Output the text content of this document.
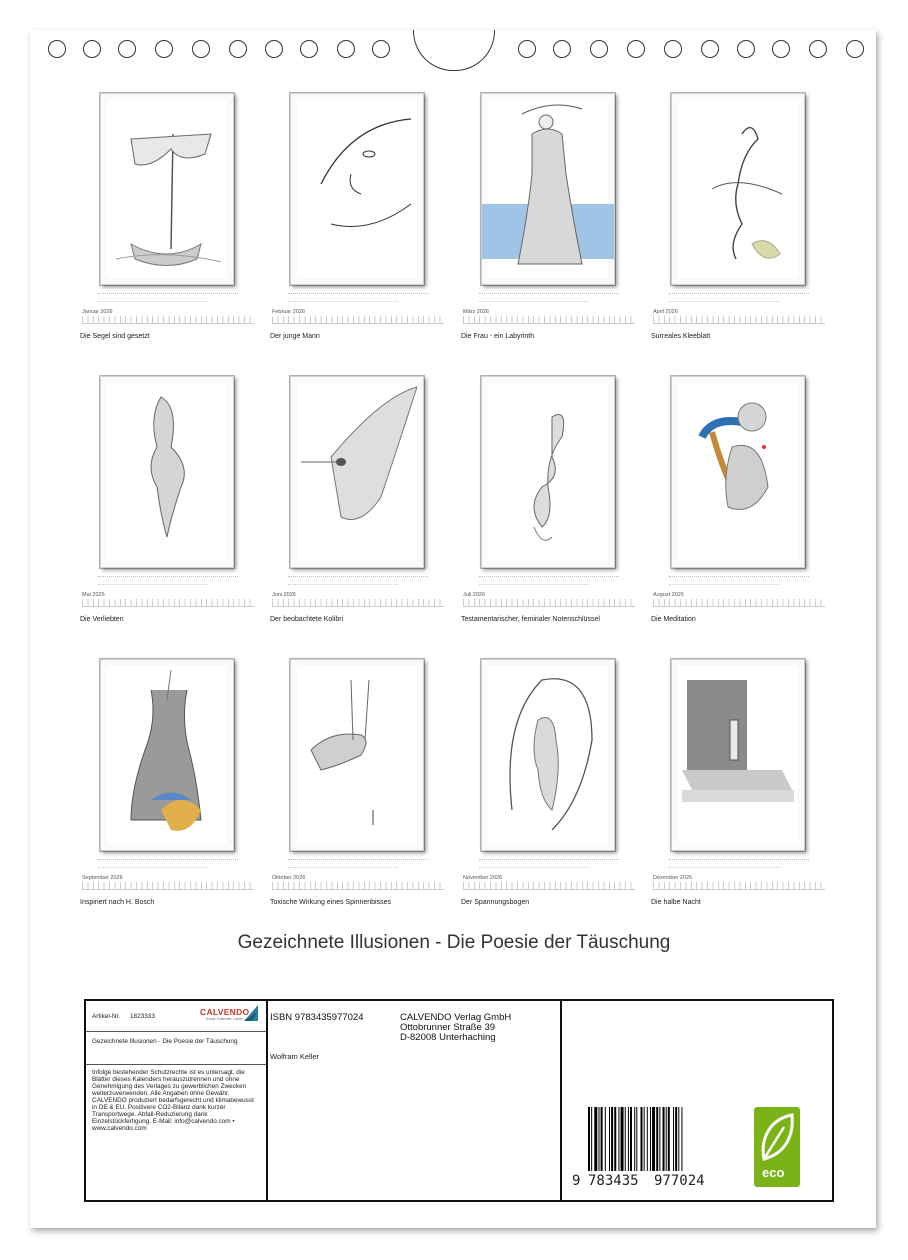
Januar 2026
Die Segel sind gesetzt
Februar 2026
Der junge Mann
März 2026
Die Frau - ein Labyrinth
April 2026
Surreales Kleeblatt
Mai 2026
Die Verliebten
Juni 2026
Der beobachtete Kolibri
Juli 2026
Testamentarischer, feminaler Notenschlüssel
August 2026
Die Meditation
September 2026
Inspiriert nach H. Bosch
Oktober 2026
Toxische Wirkung eines Spinnenbisses
November 2026
Der Spannungsbogen
Dezember 2026
Die halbe Nacht
Gezeichnete Illusionen - Die Poesie der Täuschung
Artikel-Nr. 1823333	CALVENDO
Kunst. Kalender. Leben.
Gezeichnete Illusionen - Die Poesie der Täuschung
Infolge bestehender Schutzrechte ist es untersagt, die Blätter dieses Kalenders herauszutrennen und ohne Genehmigung des Verlages zu gewerblichen Zwecken weiterzuverwenden. Alle Angaben ohne Gewähr. CALVENDO produziert bedarfsgerecht und klimabewusst in DE & EU. Positivere CO2-Bilanz dank kurzer Transportwege. Abfall-Reduzierung dank Einzelstückfertigung. E-Mail: info@calvendo.com • www.calvendo.com
ISBN 9783435977024
Wolfram Keller
CALVENDO Verlag GmbH
Ottobrunner Straße 39
D-82008 Unterhaching
9 783435 977024
eco
